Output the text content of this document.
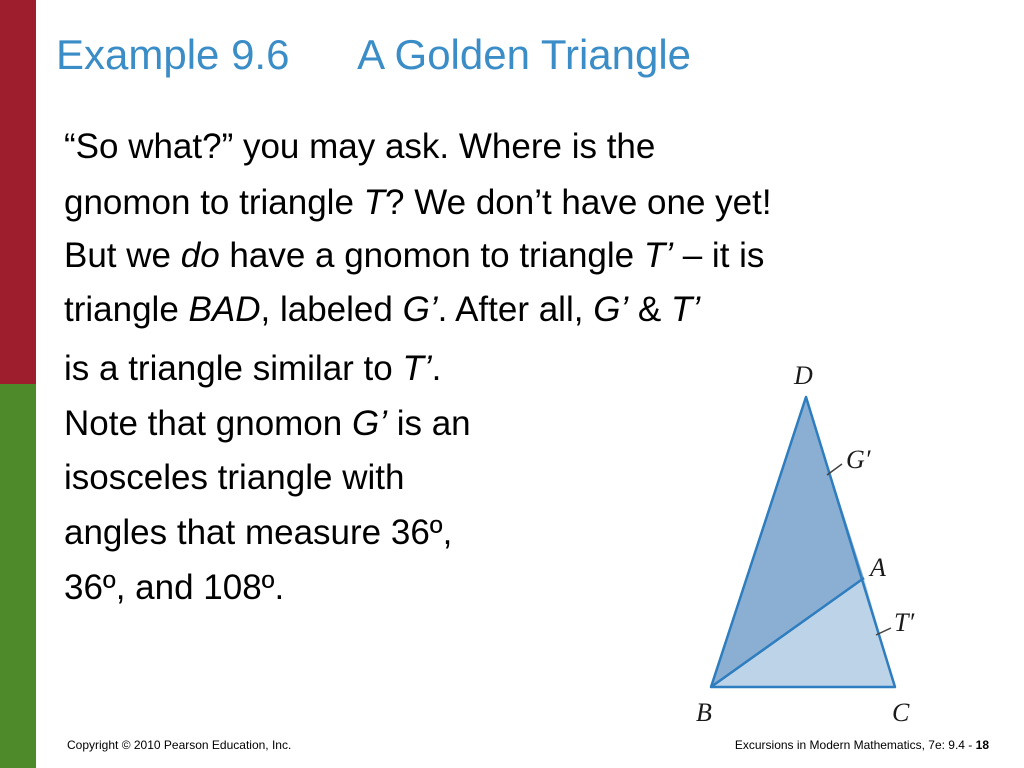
Example 9.6      A Golden Triangle
“So what?” you may ask. Where is the
gnomon to triangle T? We don’t have one yet!
But we do have a gnomon to triangle T’ – it is
triangle BAD, labeled G’. After all, G’ & T’
is a triangle similar to T’.
Note that gnomon G’ is an
isosceles triangle with
angles that measure 36º,
36º, and 108º.
D
G′
A
T′
B	C
Copyright © 2010 Pearson Education, Inc.	Excursions in Modern Mathematics, 7e: 9.4 - 18
